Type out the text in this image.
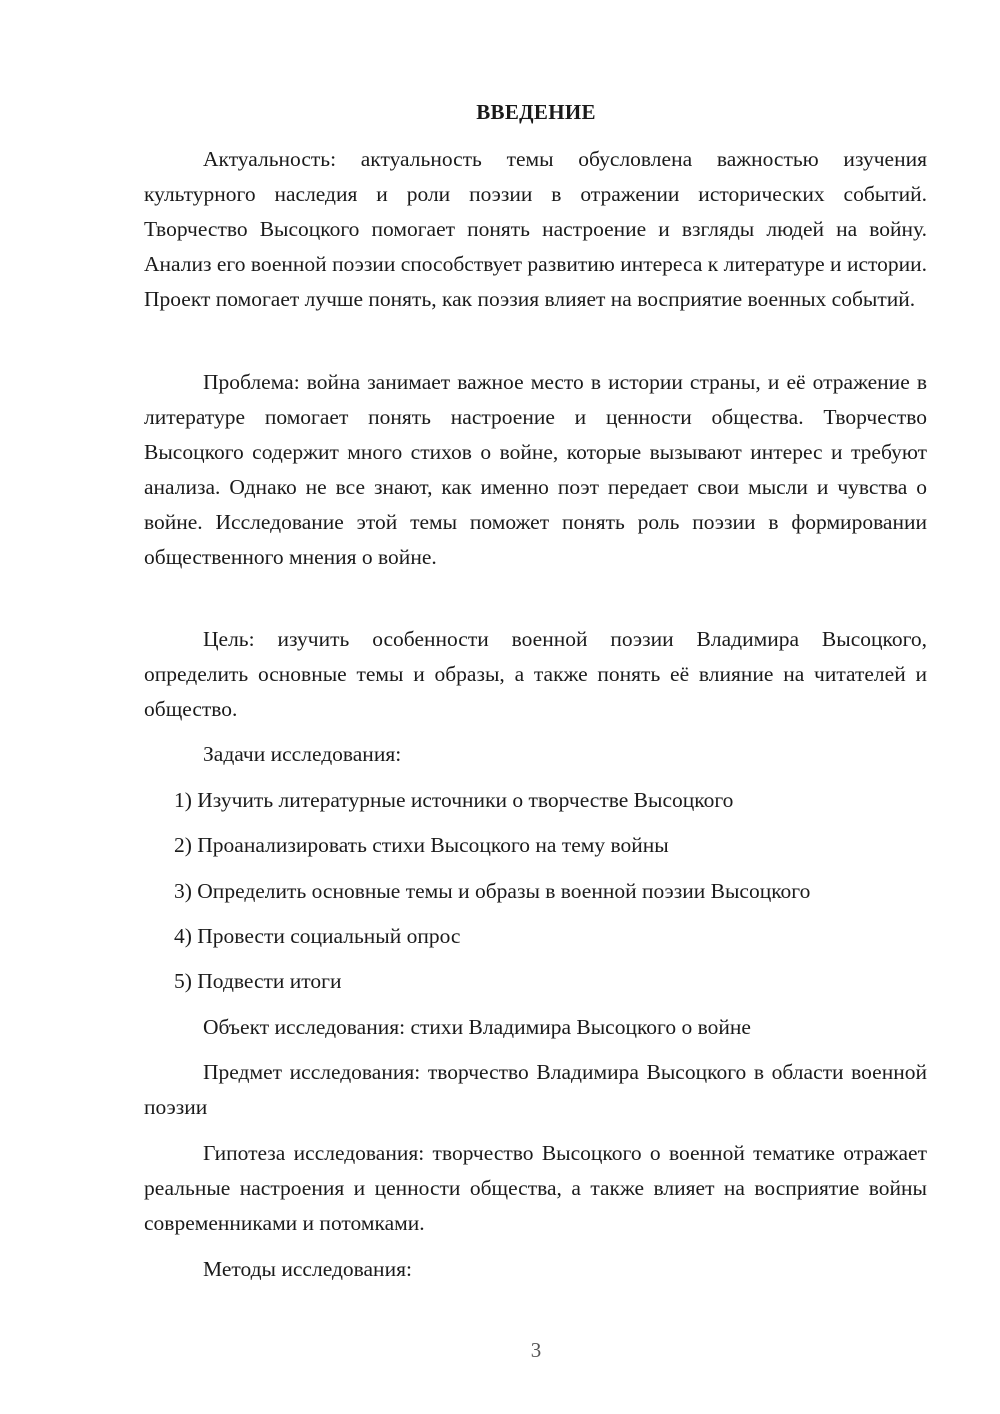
ВВЕДЕНИЕ

Актуальность: актуальность темы обусловлена важностью изучения культурного наследия и роли поэзии в отражении исторических событий. Творчество Высоцкого помогает понять настроение и взгляды людей на войну. Анализ его военной поэзии способствует развитию интереса к литературе и истории. Проект помогает лучше понять, как поэзия влияет на восприятие военных событий.

Проблема: война занимает важное место в истории страны, и её отражение в литературе помогает понять настроение и ценности общества. Творчество Высоцкого содержит много стихов о войне, которые вызывают интерес и требуют анализа. Однако не все знают, как именно поэт передает свои мысли и чувства о войне. Исследование этой темы поможет понять роль поэзии в формировании общественного мнения о войне.

Цель: изучить особенности военной поэзии Владимира Высоцкого, определить основные темы и образы, а также понять её влияние на читателей и общество.

Задачи исследования:

1) Изучить литературные источники о творчестве Высоцкого

2) Проанализировать стихи Высоцкого на тему войны

3) Определить основные темы и образы в военной поэзии Высоцкого

4) Провести социальный опрос

5) Подвести итоги

Объект исследования: стихи Владимира Высоцкого о войне

Предмет исследования: творчество Владимира Высоцкого в области военной поэзии

Гипотеза исследования: творчество Высоцкого о военной тематике отражает реальные настроения и ценности общества, а также влияет на восприятие войны современниками и потомками.

Методы исследования:

3
